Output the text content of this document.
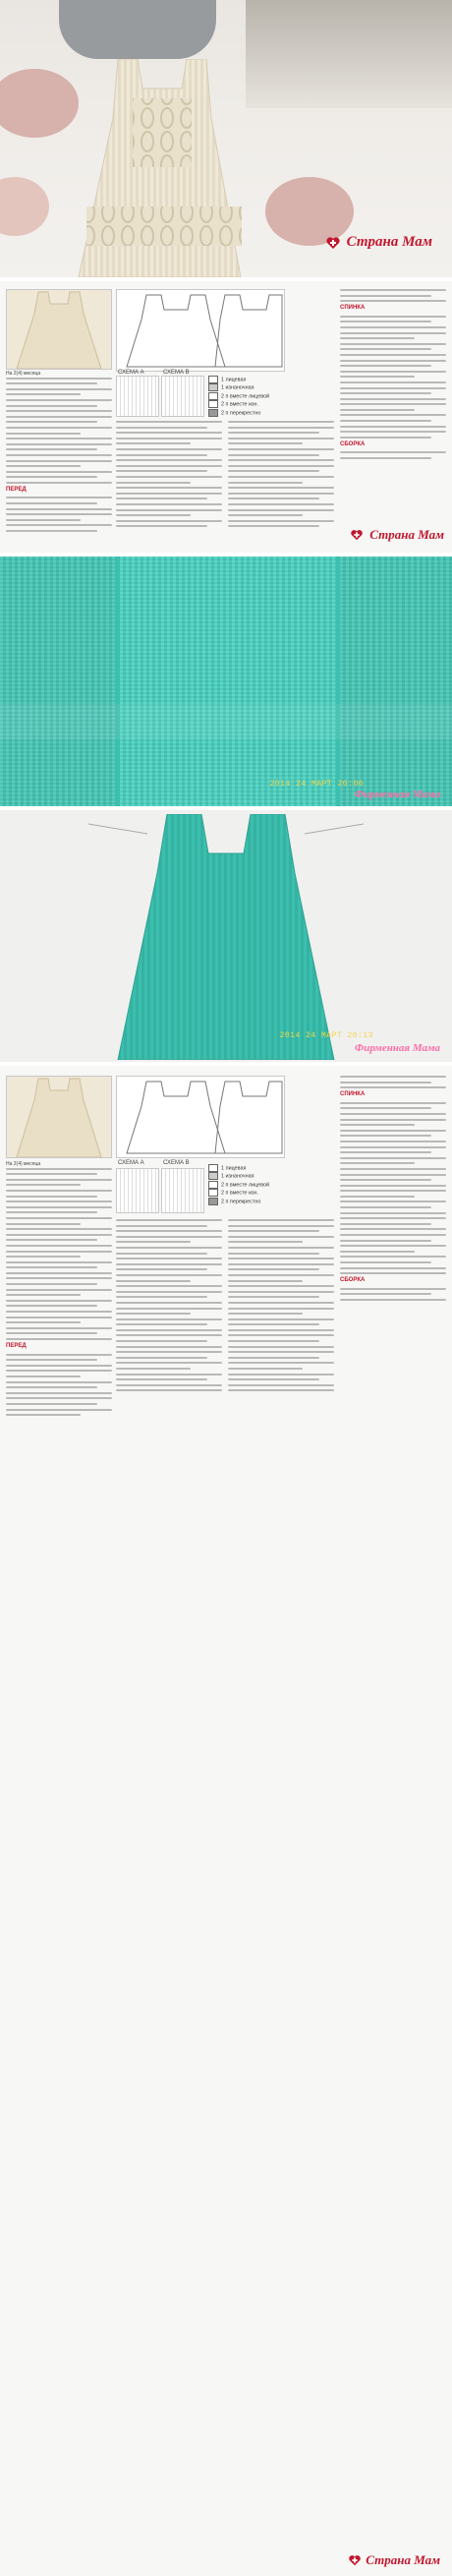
Страна Мам
СХЕМА А	СХЕМА В
1 лицевая
1 изнаночная
2 п вместе лицевой
2 п вместе изн.
2 п перекрестно
На 2(4) месяца
ПЕРЕД
СПИНКА
СБОРКА
Страна Мам
2014 24 MAPT 20:06
Фирменная Мама
2014 24 MAPT 20:13
Фирменная Мама
СХЕМА А	СХЕМА В
1 лицевая
1 изнаночная
2 п вместе лицевой
2 п вместе изн.
2 п перекрестно
На 2(4) месяца
ПЕРЕД
СПИНКА
СБОРКА
Страна Мам
